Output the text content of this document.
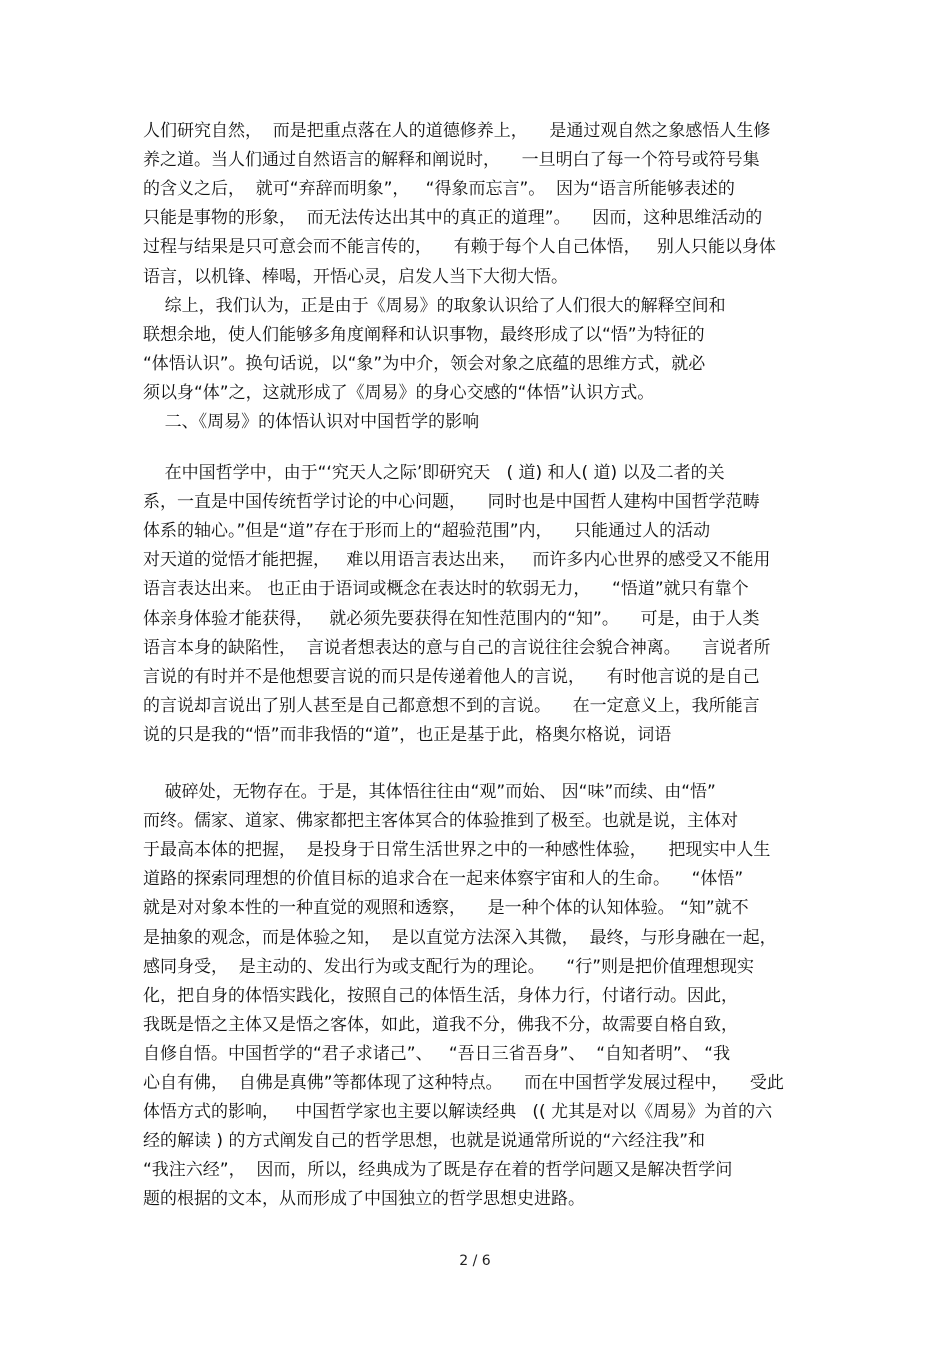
人们研究自然，  而是把重点落在人的道德修养上，    是通过观自然之象感悟人生修
养之道。当人们通过自然语言的解释和阐说时，    一旦明白了每一个符号或符号集
的含义之后，  就可“弃辞而明象”，   “得象而忘言”。  因为“语言所能够表述的
只能是事物的形象，  而无法传达出其中的真正的道理”。    因而，这种思维活动的
过程与结果是只可意会而不能言传的，    有赖于每个人自己体悟，   别人只能以身体
语言，以机锋、棒喝，开悟心灵，启发人当下大彻大悟。
综上，我们认为，正是由于《周易》的取象认识给了人们很大的解释空间和
联想余地，使人们能够多角度阐释和认识事物，最终形成了以“悟”为特征的
“体悟认识”。换句话说，以“象”为中介，领会对象之底蕴的思维方式，就必
须以身“体”之，这就形成了《周易》的身心交感的“体悟”认识方式。
二、《周易》的体悟认识对中国哲学的影响
在中国哲学中，由于“‘究天人之际’即研究天   ( 道) 和人( 道) 以及二者的关
系，一直是中国传统哲学讨论的中心问题，    同时也是中国哲人建构中国哲学范畴
体系的轴心。”但是“道”存在于形而上的“超验范围”内，    只能通过人的活动
对天道的觉悟才能把握，   难以用语言表达出来，   而许多内心世界的感受又不能用
语言表达出来。 也正由于语词或概念在表达时的软弱无力，    “悟道”就只有靠个
体亲身体验才能获得，   就必须先要获得在知性范围内的“知”。    可是，由于人类
语言本身的缺陷性，  言说者想表达的意与自己的言说往往会貌合神离。    言说者所
言说的有时并不是他想要言说的而只是传递着他人的言说，    有时他言说的是自己
的言说却言说出了别人甚至是自己都意想不到的言说。    在一定意义上，我所能言
说的只是我的“悟”而非我悟的“道”，也正是基于此，格奥尔格说，词语
破碎处，无物存在。于是，其体悟往往由“观”而始、 因“味”而续、由“悟”
而终。儒家、道家、佛家都把主客体冥合的体验推到了极至。也就是说，主体对
于最高本体的把握，  是投身于日常生活世界之中的一种感性体验，    把现实中人生
道路的探索同理想的价值目标的追求合在一起来体察宇宙和人的生命。    “体悟”
就是对对象本性的一种直觉的观照和透察，    是一种个体的认知体验。 “知”就不
是抽象的观念，而是体验之知，  是以直觉方法深入其微，  最终，与形身融在一起，
感同身受，  是主动的、发出行为或支配行为的理论。    “行”则是把价值理想现实
化，把自身的体悟实践化，按照自己的体悟生活，身体力行，付诸行动。因此，
我既是悟之主体又是悟之客体，如此，道我不分，佛我不分，故需要自格自致，
自修自悟。中国哲学的“君子求诸己”、   “吾日三省吾身”、  “自知者明”、 “我
心自有佛，  自佛是真佛”等都体现了这种特点。    而在中国哲学发展过程中，    受此
体悟方式的影响，   中国哲学家也主要以解读经典   (( 尤其是对以《周易》为首的六
经的解读 ) 的方式阐发自己的哲学思想，也就是说通常所说的“六经注我”和
“我注六经”，  因而，所以，经典成为了既是存在着的哲学问题又是解决哲学问
题的根据的文本，从而形成了中国独立的哲学思想史进路。
2 / 6
